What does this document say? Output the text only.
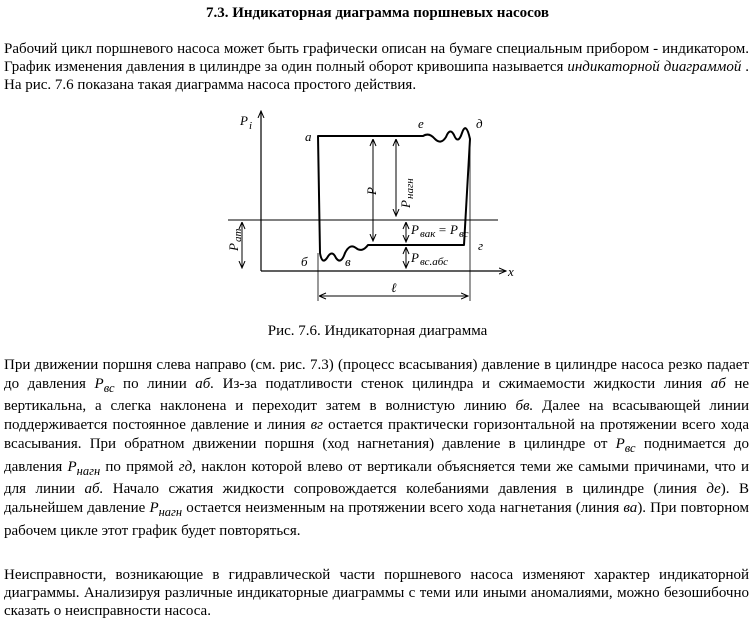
7.3. Индикаторная диаграмма поршневых насосов

Рабочий цикл поршневого насоса может быть графически описан на бумаге специальным прибором - индикатором. График изменения давления в цилиндре за один полный оборот кривошипа называется индикаторной диаграммой . На рис. 7.6 показана такая диаграмма насоса простого действия.

P i
x
а
е	д
б	в
г
P
P
нагн
P
ат	P вак = P вс
P вс.абс
ℓ
Рис. 7.6. Индикаторная диаграмма

При движении поршня слева направо (см. рис. 7.3) (процесс всасывания) давление в цилиндре насоса резко падает до давления $Р_{вс}$ по линии аб. Из-за податливости стенок цилиндра и сжимаемости жидкости линия аб не вертикальна, а слегка наклонена и переходит затем в волнистую линию бв. Далее на всасывающей линии поддерживается постоянное давление и линия вг остается практически горизонтальной на протяжении всего хода всасывания. При обратном движении поршня (ход нагнетания) давление в цилиндре от $Р_{вс}$ поднимается до давления $Р_{нагн}$ по прямой гд, наклон которой влево от вертикали объясняется теми же самыми причинами, что и для линии аб. Начало сжатия жидкости сопровождается колебаниями давления в цилиндре (линия де). В дальнейшем давление $Р_{нагн}$ остается неизменным на протяжении всего хода нагнетания (линия ва). При повторном рабочем цикле этот график будет повторяться.

Неисправности, возникающие в гидравлической части поршневого насоса изменяют характер индикаторной диаграммы. Анализируя различные индикаторные диаграммы с теми или иными аномалиями, можно безошибочно сказать о неисправности насоса.
